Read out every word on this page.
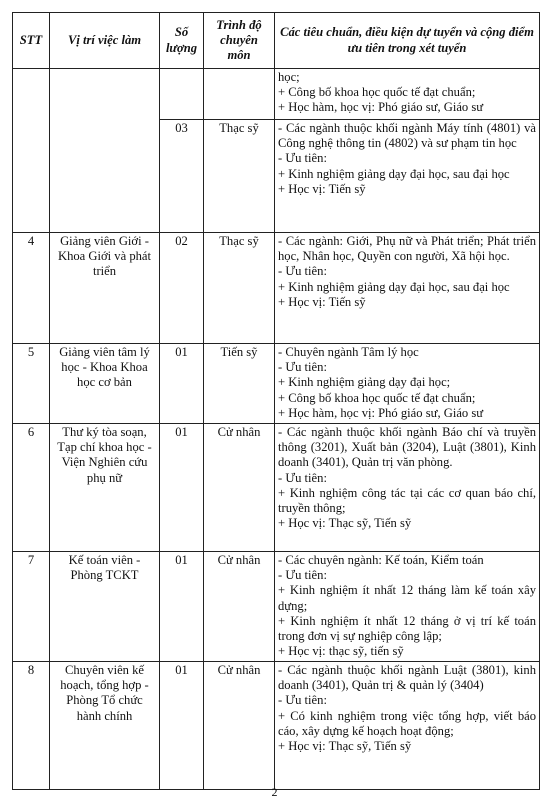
STT	Vị trí việc làm	Số lượng	Trình độ chuyên môn	Các tiêu chuẩn, điều kiện dự tuyển và cộng điểm ưu tiên trong xét tuyển

				học;
+ Công bố khoa học quốc tế đạt chuẩn;
+ Học hàm, học vị: Phó giáo sư, Giáo sư

		03	Thạc sỹ	- Các ngành thuộc khối ngành Máy tính (4801) và Công nghệ thông tin (4802) và sư phạm tin học
- Ưu tiên:
+ Kinh nghiệm giảng dạy đại học, sau đại học
+ Học vị: Tiến sỹ

4	Giảng viên Giới - Khoa Giới và phát triển	02	Thạc sỹ	- Các ngành: Giới, Phụ nữ và Phát triển; Phát triển học, Nhân học, Quyền con người, Xã hội học.
- Ưu tiên:
+ Kinh nghiệm giảng dạy đại học, sau đại học
+ Học vị: Tiến sỹ

5	Giảng viên tâm lý học - Khoa Khoa học cơ bản	01	Tiến sỹ	- Chuyên ngành Tâm lý học
- Ưu tiên:
+ Kinh nghiệm giảng dạy đại học;
+ Công bố khoa học quốc tế đạt chuẩn;
+ Học hàm, học vị: Phó giáo sư, Giáo sư

6	Thư ký tòa soạn, Tạp chí khoa học - Viện Nghiên cứu phụ nữ	01	Cử nhân	- Các ngành thuộc khối ngành Báo chí và truyền thông (3201), Xuất bản (3204), Luật (3801), Kinh doanh (3401), Quản trị văn phòng.
- Ưu tiên:
+ Kinh nghiệm công tác tại các cơ quan báo chí, truyền thông;
+ Học vị: Thạc sỹ, Tiến sỹ

7	Kế toán viên - Phòng TCKT	01	Cử nhân	- Các chuyên ngành: Kế toán, Kiểm toán
- Ưu tiên:
+ Kinh nghiệm ít nhất 12 tháng làm kế toán xây dựng;
+ Kinh nghiệm ít nhất 12 tháng ở vị trí kế toán trong đơn vị sự nghiệp công lập;
+ Học vị: thạc sỹ, tiến sỹ

8	Chuyên viên kế hoạch, tổng hợp - Phòng Tổ chức hành chính	01	Cử nhân	- Các ngành thuộc khối ngành Luật (3801), kinh doanh (3401), Quản trị & quản lý (3404)
- Ưu tiên:
+ Có kinh nghiệm trong việc tổng hợp, viết báo cáo, xây dựng kế hoạch hoạt động;
+ Học vị: Thạc sỹ, Tiến sỹ
2
